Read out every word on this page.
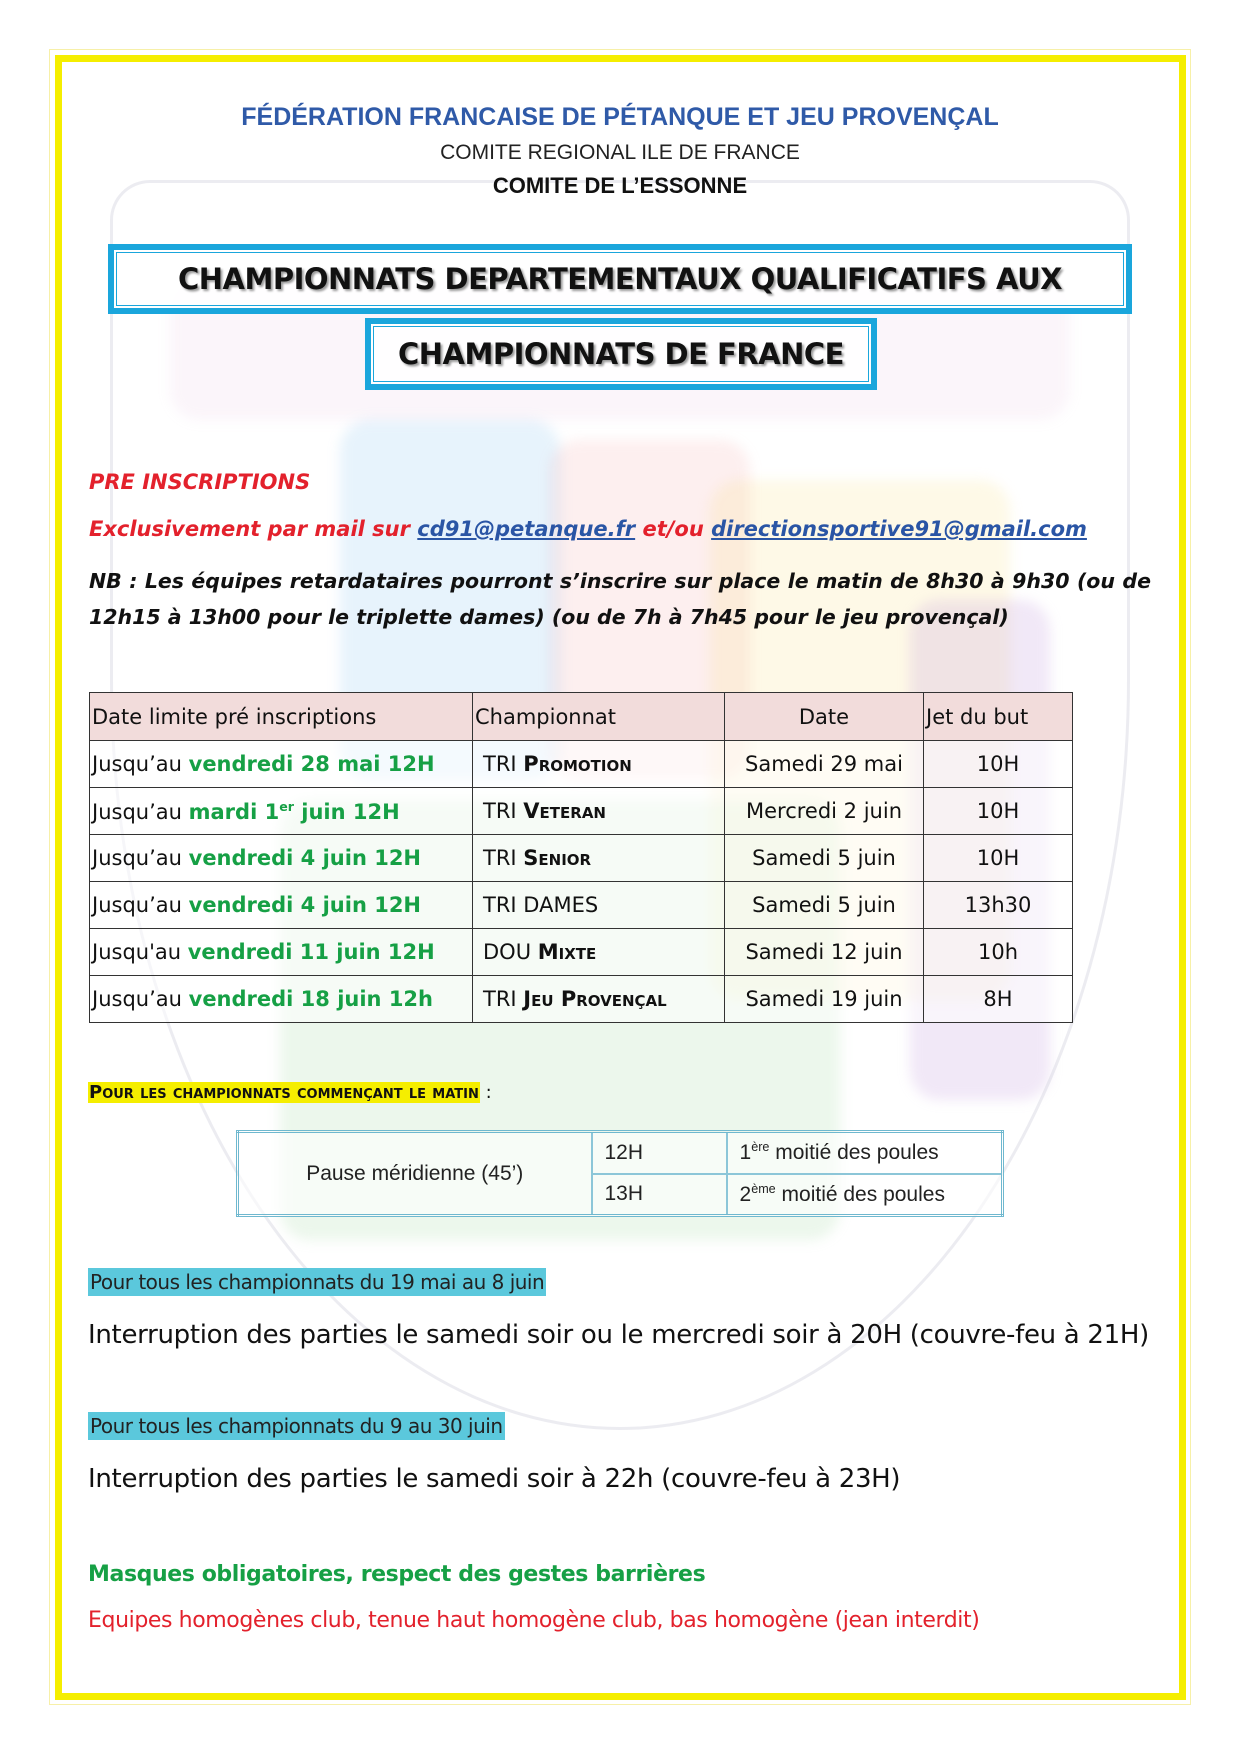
FÉDÉRATION FRANCAISE DE PÉTANQUE ET JEU PROVENÇAL
COMITE REGIONAL ILE DE FRANCE
COMITE DE L’ESSONNE
CHAMPIONNATS DEPARTEMENTAUX QUALIFICATIFS AUX
CHAMPIONNATS DE FRANCE
PRE INSCRIPTIONS
Exclusivement par mail sur cd91@petanque.fr et/ou directionsportive91@gmail.com
NB : Les équipes retardataires pourront s’inscrire sur place le matin de 8h30 à 9h30 (ou de 12h15 à 13h00 pour le triplette dames) (ou de 7h à 7h45 pour le jeu provençal)
Date limite pré inscriptions	Championnat	Date	Jet du but
Jusqu’au vendredi 28 mai 12H	TRI Promotion	Samedi 29 mai	10H
Jusqu’au mardi 1er juin 12H	TRI Veteran	Mercredi 2 juin	10H
Jusqu’au vendredi 4 juin 12H	TRI Senior	Samedi 5 juin	10H
Jusqu’au vendredi 4 juin 12H	TRI DAMES	Samedi 5 juin	13h30
Jusqu'au vendredi 11 juin 12H	DOU Mixte	Samedi 12 juin	10h
Jusqu’au vendredi 18 juin 12h	TRI Jeu Provençal	Samedi 19 juin	8H
Pour les championnats commençant le matin :
Pause méridienne (45’)	12H	1ère moitié des poules
	13H	2ème moitié des poules
Pour tous les championnats du 19 mai au 8 juin
Interruption des parties le samedi soir ou le mercredi soir à 20H (couvre-feu à 21H)
Pour tous les championnats du 9 au 30 juin
Interruption des parties le samedi soir à 22h (couvre-feu à 23H)
Masques obligatoires, respect des gestes barrières
Equipes homogènes club, tenue haut homogène club, bas homogène (jean interdit)
